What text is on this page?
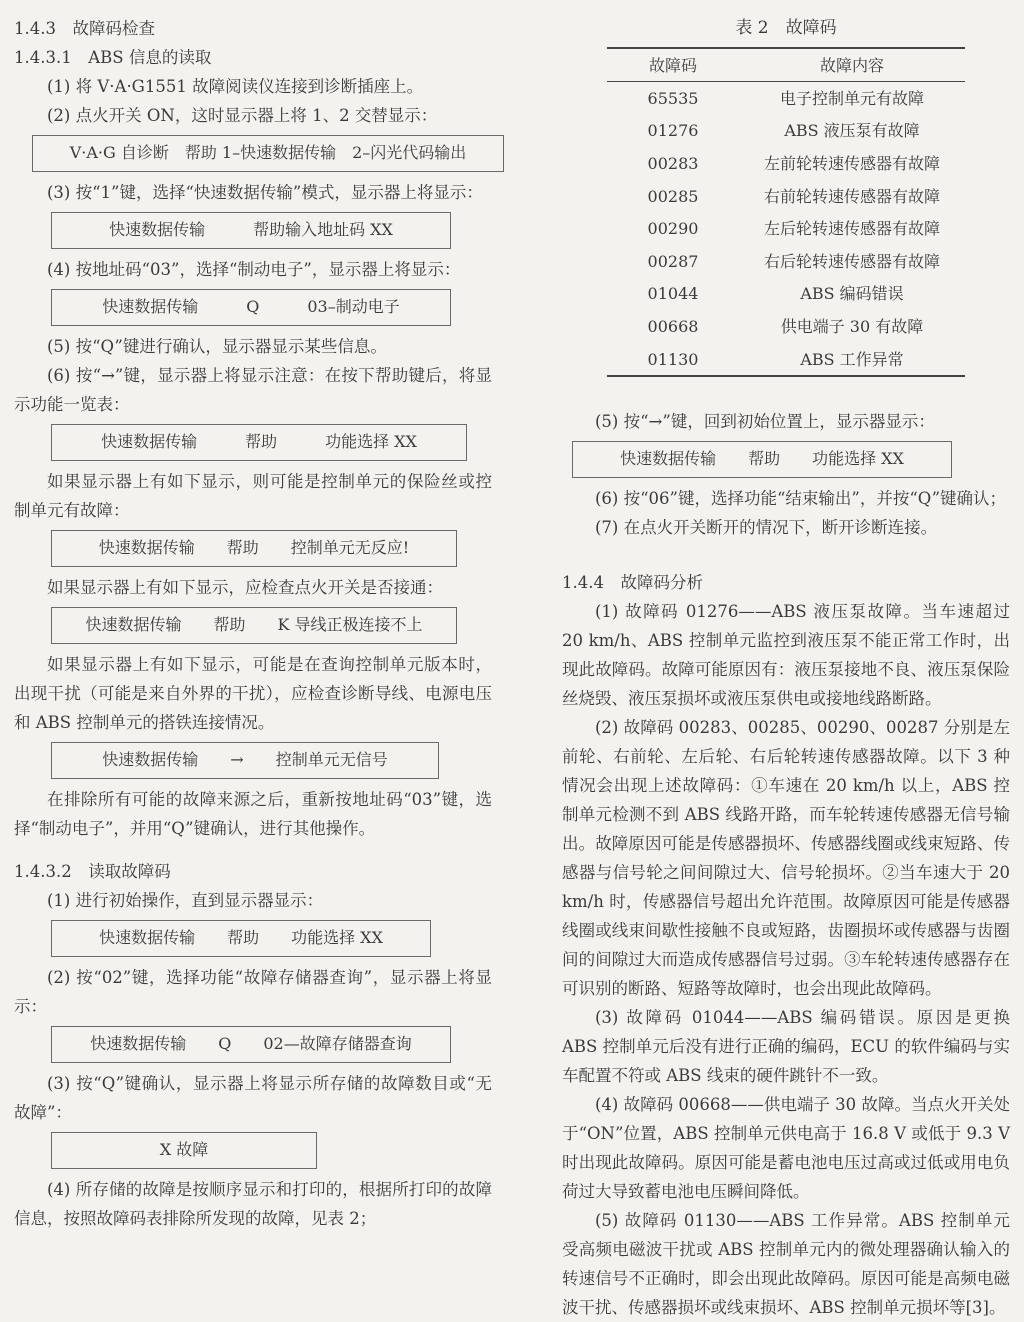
1.4.3　故障码检查

1.4.3.1　ABS 信息的读取

(1) 将 V·A·G1551 故障阅读仪连接到诊断插座上。

(2) 点火开关 ON，这时显示器上将 1、2 交替显示：

V·A·G 自诊断　帮助 1–快速数据传输　2–闪光代码输出

(3) 按“1”键，选择“快速数据传输”模式，显示器上将显示：

快速数据传输　　　帮助输入地址码 XX

(4) 按地址码“03”，选择“制动电子”，显示器上将显示：

快速数据传输　　　Q　　　03–制动电子

(5) 按“Q”键进行确认，显示器显示某些信息。

(6) 按“→”键，显示器上将显示注意：在按下帮助键后，将显示功能一览表：

快速数据传输　　　帮助　　　功能选择 XX

如果显示器上有如下显示，则可能是控制单元的保险丝或控制单元有故障：

快速数据传输　　帮助　　控制单元无反应!

如果显示器上有如下显示，应检查点火开关是否接通：

快速数据传输　　帮助　　K 导线正极连接不上

如果显示器上有如下显示，可能是在查询控制单元版本时，出现干扰（可能是来自外界的干扰），应检查诊断导线、电源电压和 ABS 控制单元的搭铁连接情况。

快速数据传输　　→　　控制单元无信号

在排除所有可能的故障来源之后，重新按地址码“03”键，选择“制动电子”，并用“Q”键确认，进行其他操作。

1.4.3.2　读取故障码

(1) 进行初始操作，直到显示器显示：

快速数据传输　　帮助　　功能选择 XX

(2) 按“02”键，选择功能“故障存储器查询”，显示器上将显示：

快速数据传输　　Q　　02—故障存储器查询

(3) 按“Q”键确认，显示器上将显示所存储的故障数目或“无故障”：

X 故障

(4) 所存储的故障是按顺序显示和打印的，根据所打印的故障信息，按照故障码表排除所发现的故障，见表 2；

表 2　故障码

故障码	故障内容
65535	电子控制单元有故障
01276	ABS 液压泵有故障
00283	左前轮转速传感器有故障
00285	右前轮转速传感器有故障
00290	左后轮转速传感器有故障
00287	右后轮转速传感器有故障
01044	ABS 编码错误
00668	供电端子 30 有故障
01130	ABS 工作异常

(5) 按“→”键，回到初始位置上，显示器显示：

快速数据传输　　帮助　　功能选择 XX

(6) 按“06”键，选择功能“结束输出”，并按“Q”键确认；

(7) 在点火开关断开的情况下，断开诊断连接。

1.4.4　故障码分析

(1) 故障码 01276——ABS 液压泵故障。当车速超过 20 km/h、ABS 控制单元监控到液压泵不能正常工作时，出现此故障码。故障可能原因有：液压泵接地不良、液压泵保险丝烧毁、液压泵损坏或液压泵供电或接地线路断路。

(2) 故障码 00283、00285、00290、00287 分别是左前轮、右前轮、左后轮、右后轮转速传感器故障。以下 3 种情况会出现上述故障码：①车速在 20 km/h 以上，ABS 控制单元检测不到 ABS 线路开路，而车轮转速传感器无信号输出。故障原因可能是传感器损坏、传感器线圈或线束短路、传感器与信号轮之间间隙过大、信号轮损坏。②当车速大于 20 km/h 时，传感器信号超出允许范围。故障原因可能是传感器线圈或线束间歇性接触不良或短路，齿圈损坏或传感器与齿圈间的间隙过大而造成传感器信号过弱。③车轮转速传感器存在可识别的断路、短路等故障时，也会出现此故障码。

(3) 故障码 01044——ABS 编码错误。原因是更换 ABS 控制单元后没有进行正确的编码，ECU 的软件编码与实车配置不符或 ABS 线束的硬件跳针不一致。

(4) 故障码 00668——供电端子 30 故障。当点火开关处于“ON”位置，ABS 控制单元供电高于 16.8 V 或低于 9.3 V 时出现此故障码。原因可能是蓄电池电压过高或过低或用电负荷过大导致蓄电池电压瞬间降低。

(5) 故障码 01130——ABS 工作异常。ABS 控制单元受高频电磁波干扰或 ABS 控制单元内的微处理器确认输入的转速信号不正确时，即会出现此故障码。原因可能是高频电磁波干扰、传感器损坏或线束损坏、ABS 控制单元损坏等[3]。
